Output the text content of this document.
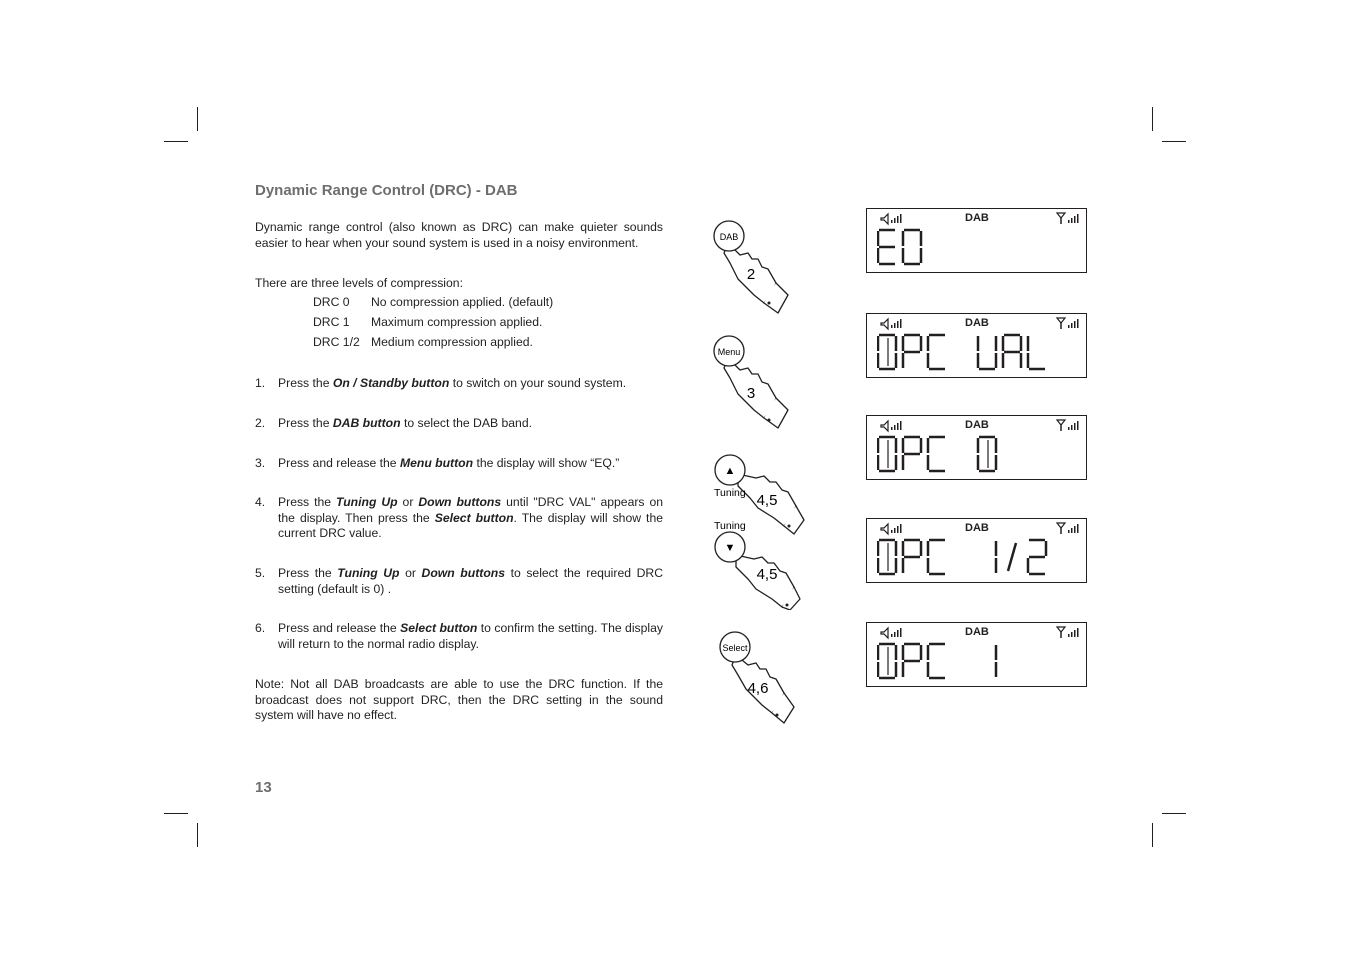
Dynamic Range Control (DRC) - DAB
Dynamic range control (also known as DRC) can make quieter sounds easier to hear when your sound system is used in a noisy environment.
There are three levels of compression:
DRC 0	No compression applied. (default)
DRC 1	Maximum compression applied.
DRC 1/2 Medium compression applied.
1.	Press the On / Standby button to switch on your sound system.
2.	Press the DAB button to select the DAB band.
3.	Press and release the Menu button the display will show “EQ.”
4.	Press the Tuning Up or Down buttons until "DRC VAL" appears on the display. Then press the Select button. The display will show the current DRC value.
5.	Press the Tuning Up or Down buttons to select the required DRC setting (default is 0) .
6.	Press and release the Select button to confirm the setting. The display will return to the normal radio display.
Note: Not all DAB broadcasts are able to use the DRC function. If the broadcast does not support DRC, then the DRC setting in the sound system will have no effect.
13
DAB
2
Menu
3
▲
Tuning 4,5
Tuning
▼
4,5
Select
4,6
DAB
DAB
DAB
DAB
DAB
